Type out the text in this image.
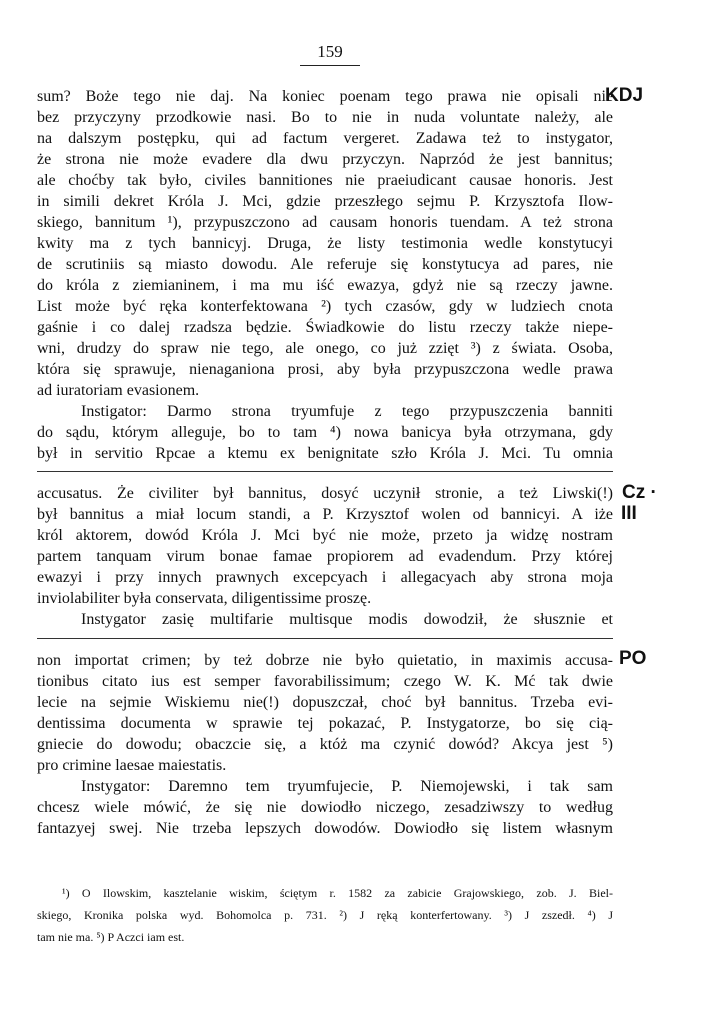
159
sum? Boże tego nie daj. Na koniec poenam tego prawa nie opisali nie
bez przyczyny przodkowie nasi. Bo to nie in nuda voluntate należy, ale
na dalszym postępku, qui ad factum vergeret. Zadawa też to instygator,
że strona nie może evadere dla dwu przyczyn. Naprzód że jest bannitus;
ale choćby tak było, civiles bannitiones nie praeiudicant causae honoris. Jest
in simili dekret Króla J. Mci, gdzie przeszłego sejmu P. Krzysztofa Ilow-
skiego, bannitum ¹), przypuszczono ad causam honoris tuendam. A też strona
kwity ma z tych bannicyj. Druga, że listy testimonia wedle konstytucyi
de scrutiniis są miasto dowodu. Ale referuje się konstytucya ad pares, nie
do króla z ziemianinem, i ma mu iść ewazya, gdyż nie są rzeczy jawne.
List może być ręka konterfektowana ²) tych czasów, gdy w ludziech cnota
gaśnie i co dalej rzadsza będzie. Świadkowie do listu rzeczy także niepe-
wni, drudzy do spraw nie tego, ale onego, co już zzięt ³) z świata. Osoba,
która się sprawuje, nienaganiona prosi, aby była przypuszczona wedle prawa
ad iuratoriam evasionem.
Instigator: Darmo strona tryumfuje z tego przypuszczenia banniti
do sądu, którym alleguje, bo to tam ⁴) nowa banicya była otrzymana, gdy
był in servitio Rpcae a ktemu ex benignitate szło Króla J. Mci. Tu omnia
accusatus. Że civiliter był bannitus, dosyć uczynił stronie, a też Liwski(!)
był bannitus a miał locum standi, a P. Krzysztof wolen od bannicyi. A iże
król aktorem, dowód Króla J. Mci być nie może, przeto ja widzę nostram
partem tanquam virum bonae famae propiorem ad evadendum. Przy której
ewazyi i przy innych prawnych excepcyach i allegacyach aby strona moja
inviolabiliter była conservata, diligentissime proszę.
Instygator zasię multifarie multisque modis dowodził, że słusznie et
non importat crimen; by też dobrze nie było quietatio, in maximis accusa-
tionibus citato ius est semper favorabilissimum; czego W. K. Mć tak dwie
lecie na sejmie Wiskiemu nie(!) dopuszczał, choć był bannitus. Trzeba evi-
dentissima documenta w sprawie tej pokazać, P. Instygatorze, bo się cią-
gniecie do dowodu; obaczcie się, a któż ma czynić dowód? Akcya jest ⁵)
pro crimine laesae maiestatis.
Instygator: Daremno tem tryumfujecie, P. Niemojewski, i tak sam
chcesz wiele mówić, że się nie dowiodło niczego, zesadziwszy to według
fantazyej swej. Nie trzeba lepszych dowodów. Dowiodło się listem własnym
KDJ
Cz ·
III
PO
¹) O Ilowskim, kasztelanie wiskim, ściętym r. 1582 za zabicie Grajowskiego, zob. J. Biel-
skiego, Kronika polska wyd. Bohomolca p. 731. ²) J ręką konterfertowany. ³) J zszedł. ⁴) J
tam nie ma. ⁵) P Aczci iam est.
